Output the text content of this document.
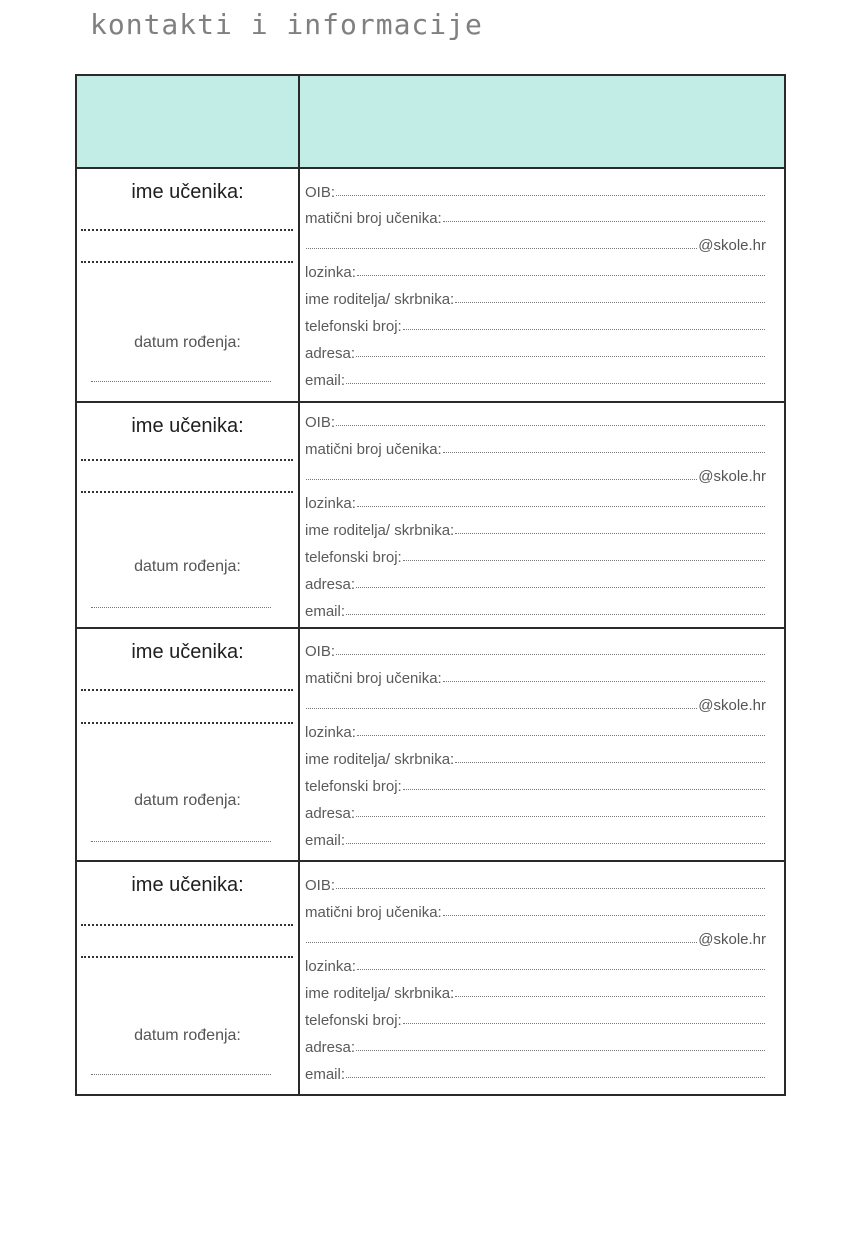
kontakti i informacije
ime učenika:
datum rođenja:
OIB:
matični broj učenika:
@skole.hr
lozinka:
ime roditelja/ skrbnika:
telefonski broj:
adresa:
email:
ime učenika:
datum rođenja:
OIB:
matični broj učenika:
@skole.hr
lozinka:
ime roditelja/ skrbnika:
telefonski broj:
adresa:
email:
ime učenika:
datum rođenja:
OIB:
matični broj učenika:
@skole.hr
lozinka:
ime roditelja/ skrbnika:
telefonski broj:
adresa:
email:
ime učenika:
datum rođenja:
OIB:
matični broj učenika:
@skole.hr
lozinka:
ime roditelja/ skrbnika:
telefonski broj:
adresa:
email:
